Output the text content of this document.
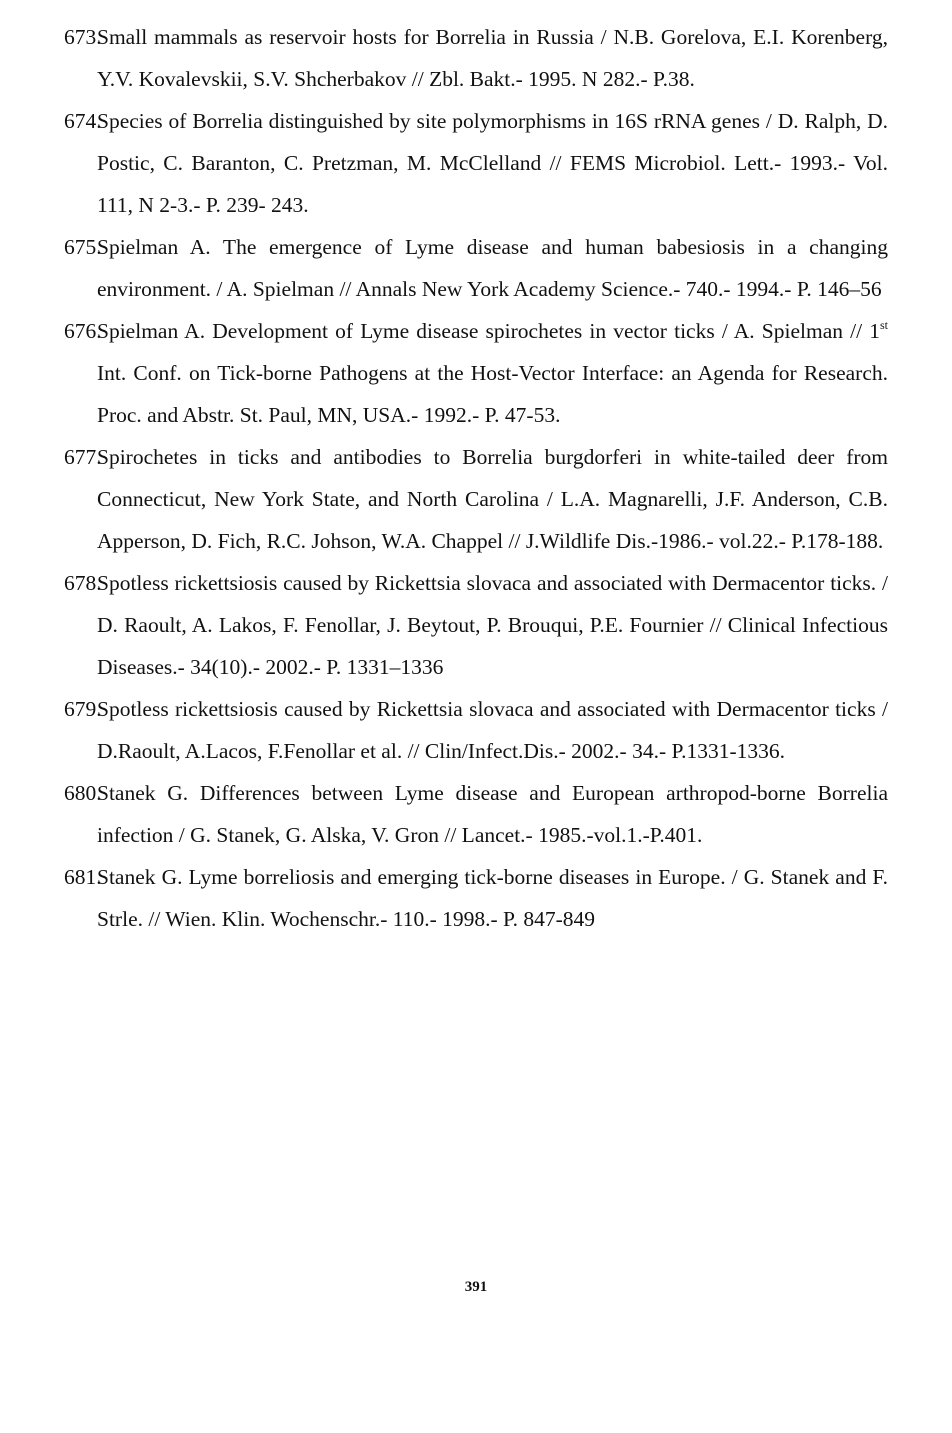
673.
Small mammals as reservoir hosts for Borrelia in Russia / N.B. Gorelova, E.I. Korenberg, Y.V. Kovalevskii, S.V. Shcherbakov // Zbl. Bakt.- 1995. N 282.- P.38.
674.
Species of Borrelia distinguished by site polymorphisms in 16S rRNA genes / D. Ralph, D. Postic, C. Baranton, C. Pretzman, M. McClelland // FEMS Microbiol. Lett.- 1993.- Vol. 111, N 2-3.- P. 239- 243.
675.
Spielman A. The emergence of Lyme disease and human babesiosis in a changing environment. / A. Spielman // Annals New York Academy Science.- 740.- 1994.- P. 146–56
676.
Spielman A. Development of Lyme disease spirochetes in vector ticks / A. Spielman // 1st Int. Conf. on Tick-borne Pathogens at the Host-Vector Interface: an Agenda for Research. Proc. and Abstr. St. Paul, MN, USA.- 1992.- P. 47-53.
677.
Spirochetes in ticks and antibodies to Borrelia burgdorferi in white-tailed deer from Connecticut, New York State, and North Carolina / L.A. Magnarelli, J.F. Anderson, C.B. Apperson, D. Fich, R.C. Johson, W.A. Chappel // J.Wildlife Dis.-1986.- vol.22.- P.178-188.
678.
Spotless rickettsiosis caused by Rickettsia slovaca and associated with Dermacentor ticks. / D. Raoult, A. Lakos, F. Fenollar, J. Beytout, P. Brouqui, P.E. Fournier // Clinical Infectious Diseases.- 34(10).- 2002.- P. 1331–1336
679.
Spotless rickettsiosis caused by Rickettsia slovaca and associated with Dermacentor ticks / D.Raoult, A.Lacos, F.Fenollar et al. // Clin/Infect.Dis.- 2002.- 34.- P.1331-1336.
680.
Stanek G. Differences between Lyme disease and European arthropod-borne Borrelia infection / G. Stanek, G. Alska, V. Gron // Lancet.- 1985.-vol.1.-P.401.
681.
Stanek G. Lyme borreliosis and emerging tick-borne diseases in Europe. / G. Stanek and F. Strle. // Wien. Klin. Wochenschr.- 110.- 1998.- P. 847-849
391
